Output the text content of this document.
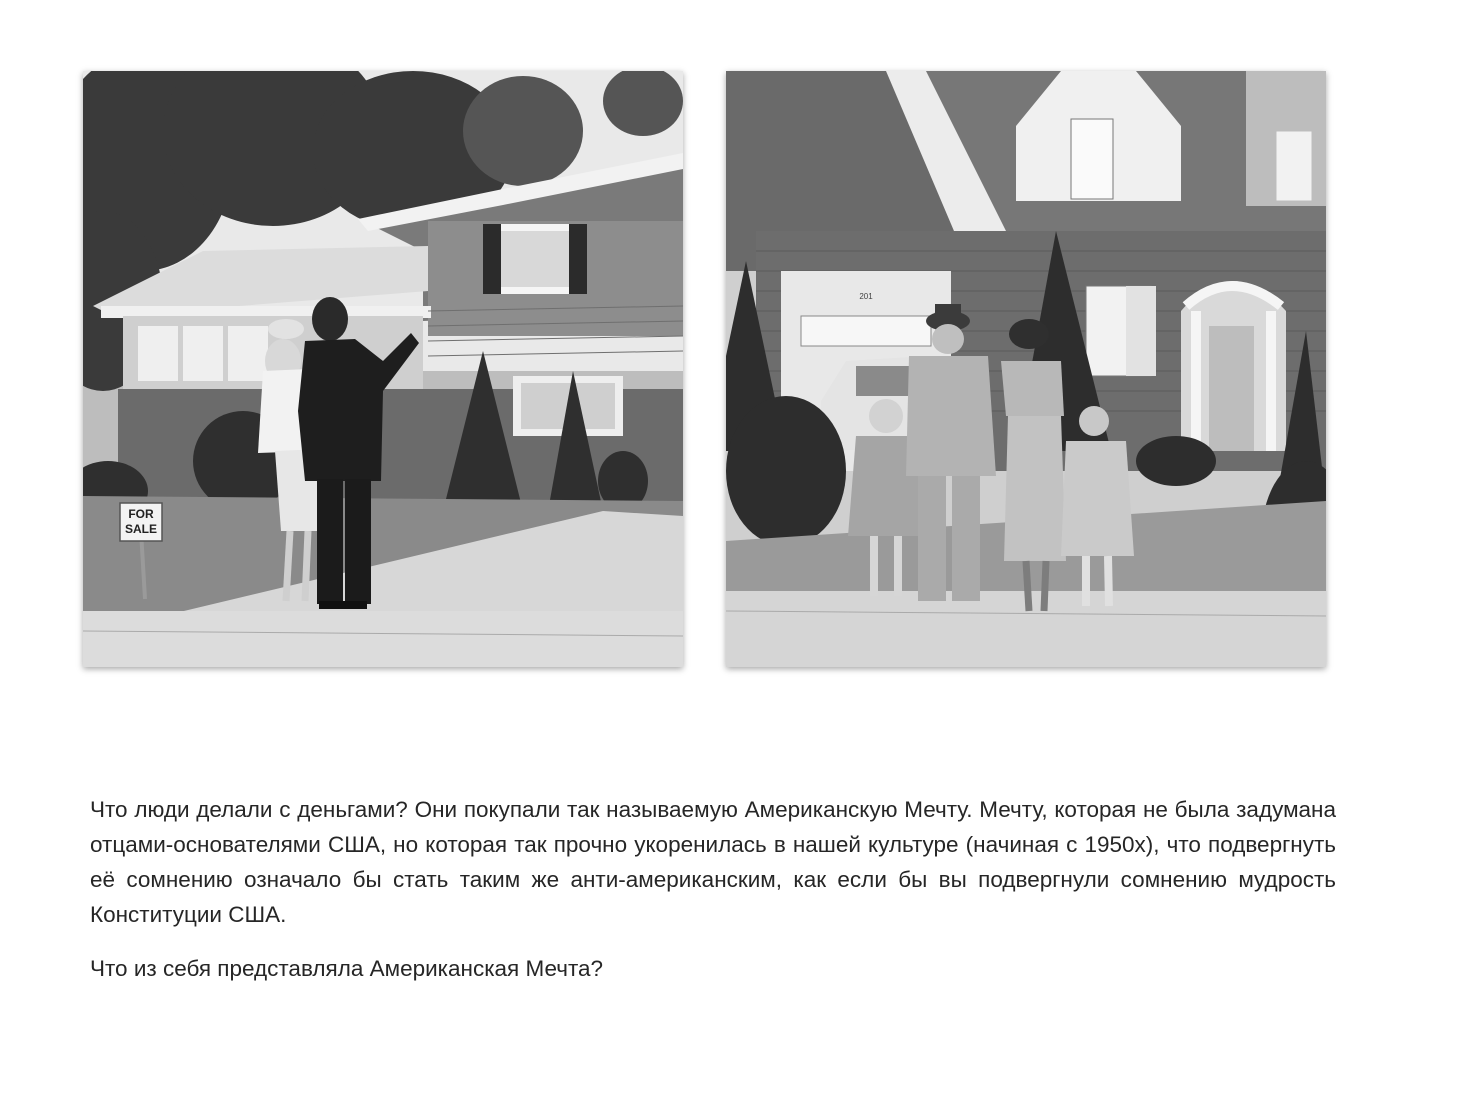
FOR
SALE
201

Что люди делали с деньгами? Они покупали так называемую Американскую Мечту. Мечту, которая не была задумана отцами-основателями США, но которая так прочно укоренилась в нашей культуре (начиная с 1950х), что подвергнуть её сомнению означало бы стать таким же анти-американским, как если бы вы подвергнули сомнению мудрость Конституции США.

Что из себя представляла Американская Мечта?
